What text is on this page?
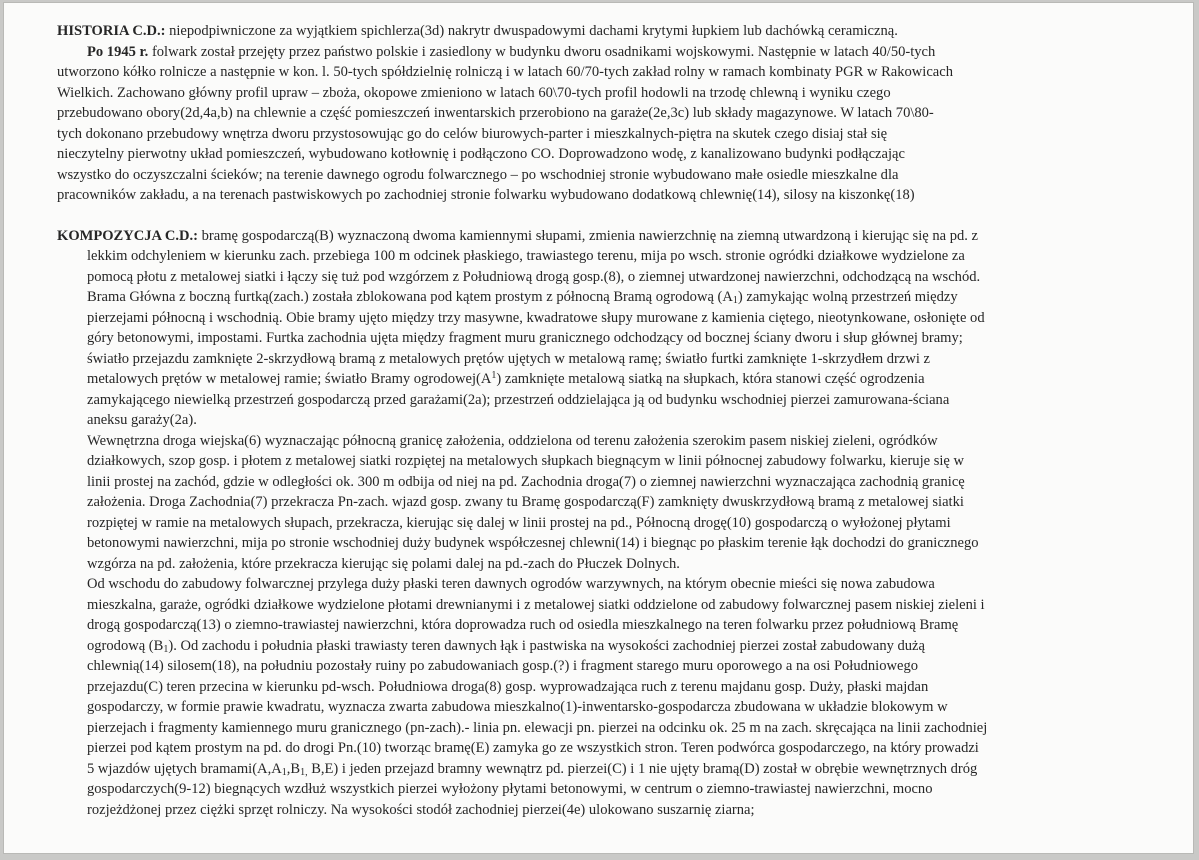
HISTORIA C.D.: niepodpiwniczone za wyjątkiem spichlerza(3d) nakrytr dwuspadowymi dachami krytymi łupkiem lub dachówką ceramiczną.
Po 1945 r. folwark został przejęty przez państwo polskie i zasiedlony w budynku dworu osadnikami wojskowymi. Następnie w latach 40/50-tych
utworzono kółko rolnicze a następnie w kon. l. 50-tych spółdzielnię rolniczą i w latach 60/70-tych zakład rolny w ramach kombinaty PGR w Rakowicach
Wielkich. Zachowano główny profil upraw – zboża, okopowe zmieniono w latach 60\70-tych profil hodowli na trzodę chlewną i wyniku czego
przebudowano obory(2d,4a,b) na chlewnie a część pomieszczeń inwentarskich przerobiono na garaże(2e,3c) lub składy magazynowe. W latach 70\80-
tych dokonano przebudowy wnętrza dworu przystosowując go do celów biurowych-parter i mieszkalnych-piętra na skutek czego disiaj stał się
nieczytelny pierwotny układ pomieszczeń, wybudowano kotłownię i podłączono CO. Doprowadzono wodę, z kanalizowano budynki podłączając
wszystko do oczyszczalni ścieków; na terenie dawnego ogrodu folwarcznego – po wschodniej stronie wybudowano małe osiedle mieszkalne dla
pracowników zakładu, a na terenach pastwiskowych po zachodniej stronie folwarku wybudowano dodatkową chlewnię(14), silosy na kiszonkę(18)

KOMPOZYCJA C.D.: bramę gospodarczą(B) wyznaczoną dwoma kamiennymi słupami, zmienia nawierzchnię na ziemną utwardzoną i kierując się na pd. z
lekkim odchyleniem w kierunku zach. przebiega 100 m odcinek płaskiego, trawiastego terenu, mija po wsch. stronie ogródki działkowe wydzielone za
pomocą płotu z metalowej siatki i łączy się tuż pod wzgórzem z Południową drogą gosp.(8), o ziemnej utwardzonej nawierzchni, odchodzącą na wschód.
Brama Główna z boczną furtką(zach.) została zblokowana pod kątem prostym z północną Bramą ogrodową $(A_1)$ zamykając wolną przestrzeń między
pierzejami północną i wschodnią. Obie bramy ujęto między trzy masywne, kwadratowe słupy murowane z kamienia ciętego, nieotynkowane, osłonięte od
góry betonowymi, impostami. Furtka zachodnia ujęta między fragment muru granicznego odchodzący od bocznej ściany dworu i słup głównej bramy;
światło przejazdu zamknięte 2-skrzydłową bramą z metalowych prętów ujętych w metalową ramę; światło furtki zamknięte 1-skrzydłem drzwi z
metalowych prętów w metalowej ramie; światło Bramy $ogrodowej(A^1)$ zamknięte metalową siatką na słupkach, która stanowi część ogrodzenia
zamykającego niewielką przestrzeń gospodarczą przed garażami(2a); przestrzeń oddzielająca ją od budynku wschodniej pierzei zamurowana-ściana
aneksu garaży(2a).
Wewnętrzna droga wiejska(6) wyznaczając północną granicę założenia, oddzielona od terenu założenia szerokim pasem niskiej zieleni, ogródków
działkowych, szop gosp. i płotem z metalowej siatki rozpiętej na metalowych słupkach biegnącym w linii północnej zabudowy folwarku, kieruje się w
linii prostej na zachód, gdzie w odległości ok. 300 m odbija od niej na pd. Zachodnia droga(7) o ziemnej nawierzchni wyznaczająca zachodnią granicę
założenia. Droga Zachodnia(7) przekracza Pn-zach. wjazd gosp. zwany tu Bramę gospodarczą(F) zamknięty dwuskrzydłową bramą z metalowej siatki
rozpiętej w ramie na metalowych słupach, przekracza, kierując się dalej w linii prostej na pd., Północną drogę(10) gospodarczą o wyłożonej płytami
betonowymi nawierzchni, mija po stronie wschodniej duży budynek współczesnej chlewni(14) i biegnąc po płaskim terenie łąk dochodzi do granicznego
wzgórza na pd. założenia, które przekracza kierując się polami dalej na pd.-zach do Płuczek Dolnych.
Od wschodu do zabudowy folwarcznej przylega duży płaski teren dawnych ogrodów warzywnych, na którym obecnie mieści się nowa zabudowa
mieszkalna, garaże, ogródki działkowe wydzielone płotami drewnianymi i z metalowej siatki oddzielone od zabudowy folwarcznej pasem niskiej zieleni i
drogą gospodarczą(13) o ziemno-trawiastej nawierzchni, która doprowadza ruch od osiedla mieszkalnego na teren folwarku przez południową Bramę
ogrodową $(B_1)$. Od zachodu i południa płaski trawiasty teren dawnych łąk i pastwiska na wysokości zachodniej pierzei został zabudowany dużą
chlewnią(14) silosem(18), na południu pozostały ruiny po zabudowaniach gosp.(?) i fragment starego muru oporowego a na osi Południowego
przejazdu(C) teren przecina w kierunku pd-wsch. Południowa droga(8) gosp. wyprowadzająca ruch z terenu majdanu gosp. Duży, płaski majdan
gospodarczy, w formie prawie kwadratu, wyznacza zwarta zabudowa mieszkalno(1)-inwentarsko-gospodarcza zbudowana w układzie blokowym w
pierzejach i fragmenty kamiennego muru granicznego (pn-zach).- linia pn. elewacji pn. pierzei na odcinku ok. 25 m na zach. skręcająca na linii zachodniej
pierzei pod kątem prostym na pd. do drogi Pn.(10) tworząc bramę(E) zamyka go ze wszystkich stron. Teren podwórca gospodarczego, na który prowadzi
5 wjazdów ujętych $bramami(A,A_1,B_{1,}$ B,E) i jeden przejazd bramny wewnątrz pd. pierzei(C) i 1 nie ujęty bramą(D) został w obrębie wewnętrznych dróg
gospodarczych(9-12) biegnących wzdłuż wszystkich pierzei wyłożony płytami betonowymi, w centrum o ziemno-trawiastej nawierzchni, mocno
rozjeżdżonej przez ciężki sprzęt rolniczy. Na wysokości stodół zachodniej pierzei(4e) ulokowano suszarnię ziarna;
